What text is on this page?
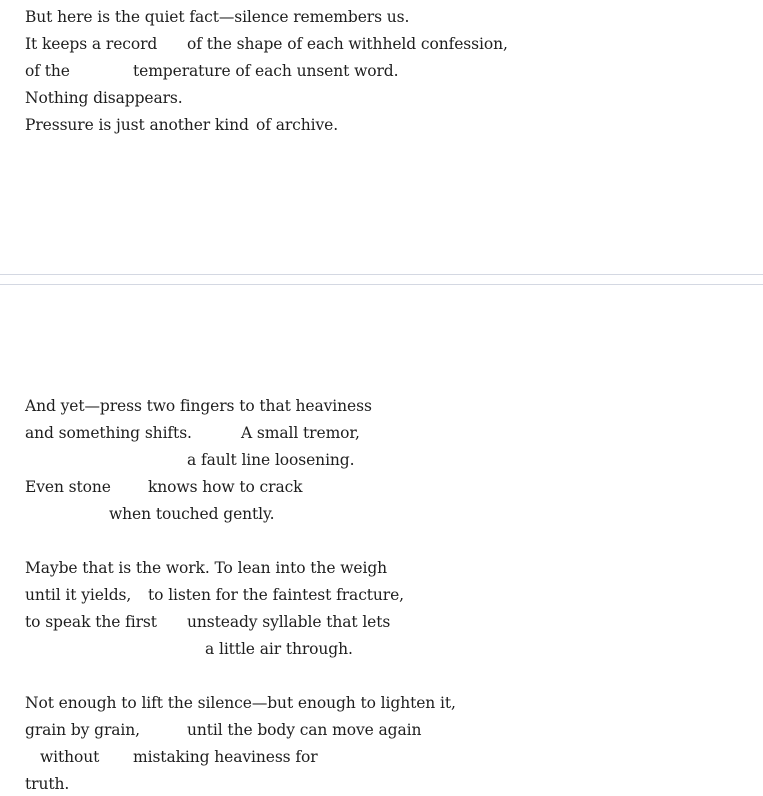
But here is the quiet fact—silence remembers us.
It keeps a record of the shape of each withheld confession,
of the	temperature of each unsent word.
Nothing disappears.
Pressure is just another kind of archive.
And yet—press two fingers to that heaviness
and something shifts.	A small tremor,
a fault line loosening.
Even stone knows how to crack
when touched gently.
Maybe that is the work. To lean into the weigh
until it yields, to listen for the faintest fracture,
to speak the first unsteady syllable that lets
a little air through.
Not enough to lift the silence—but enough to lighten it,
grain by grain,	until the body can move again
without mistaking heaviness for
truth.
